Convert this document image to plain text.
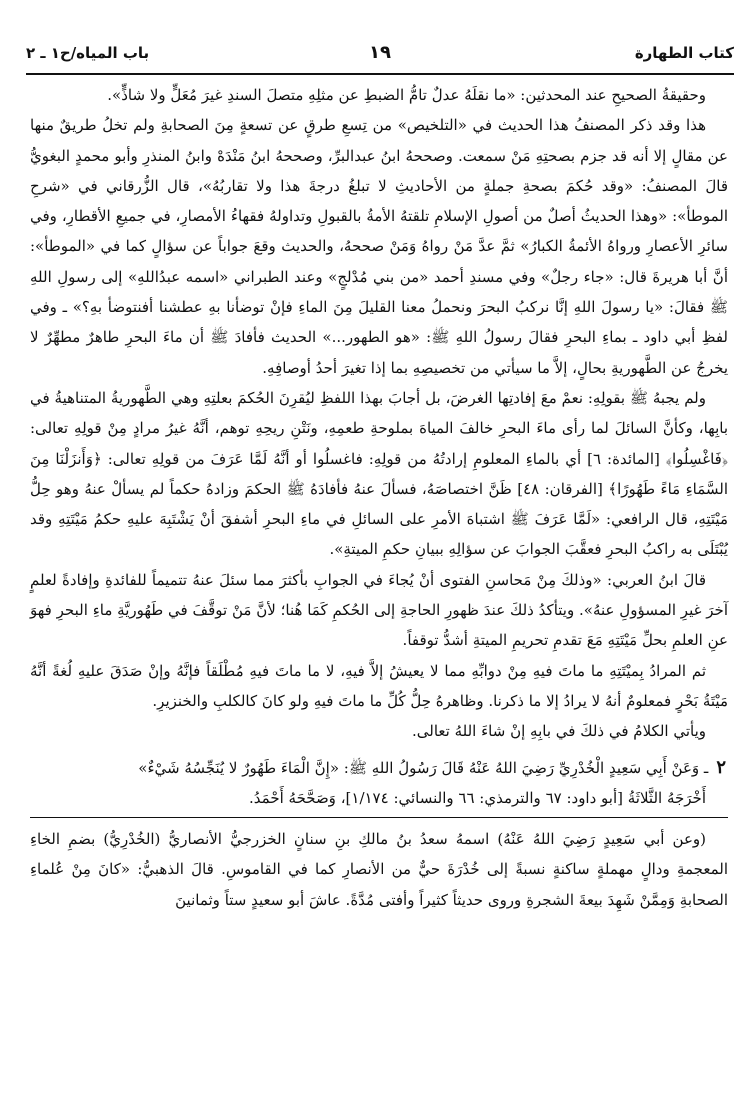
كتاب الطهارة
١٩
باب المياه/ح١ ـ ٢

وحقيقةُ الصحيحِ عند المحدثين: «ما نقلَهُ عدلٌ تامُّ الضبطِ عن مثلِهِ متصلَ السندِ غيرَ مُعَلٍّ ولا شاذٍّ».

هذا وقد ذكر المصنفُ هذا الحديث في «التلخيص» من تِسعِ طرقٍ عن تسعةٍ مِنَ الصحابةِ ولم تخلُ طريقٌ منها عن مقالٍ إلا أنه قد جزم بصحتِهِ مَنْ سمعت. وصححهُ ابنُ عبدالبرِّ، وصححهُ ابنُ مَنْدَهْ وابنُ المنذرِ وأبو محمدٍ البغويُّ قالَ المصنفُ: «وقد حُكمَ بصحةِ جملةٍ من الأحاديثِ لا تبلغُ درجةَ هذا ولا تقاربُهُ»، قال الزُّرقاني في «شرحِ الموطأ»: «وهذا الحديثُ أصلٌ من أصولِ الإسلامِ تلقتهُ الأمةُ بالقبولِ وتداولهُ فقهاءُ الأمصارِ، في جميعِ الأقطارِ، وفي سائرِ الأعصارِ ورواهُ الأئمةُ الكبارُ» ثمَّ عدَّ مَنْ رواهُ وَمَنْ صححهُ، والحديث وقعَ جواباً عن سؤالٍ كما في «الموطأ»: أنَّ أبا هريرةَ قال: «جاء رجلٌ» وفي مسندِ أحمد «من بني مُدْلجٍ» وعند الطبراني «اسمه عبدُاللهِ» إلى رسولِ اللهِ ﷺ فقالَ: «يا رسولَ اللهِ إنَّا نركبُ البحرَ ونحملُ معنا القليلَ مِنَ الماءِ فإنْ توضأنا بهِ عطشنا أفنتوضأ بهِ؟» ـ وفي لفظِ أبي داود ـ بماءِ البحرِ فقالَ رسولُ اللهِ ﷺ: «هو الطهور...» الحديث فأفادَ ﷺ أن ماءَ البحرِ طاهرٌ مطهِّرٌ لا يخرجُ عن الطَّهوريةِ بحالٍ، إلاَّ ما سيأتي من تخصيصِهِ بما إذا تغيرَ أحدُ أوصافِهِ.

ولم يجبهُ ﷺ بقولِهِ: نعمْ معَ إفادتِها الغرضَ، بل أجابَ بهذا اللفظِ ليُقرِنَ الحُكمَ بعلتِهِ وهي الطَّهوريةُ المتناهيةُ في بابِها، وكأنَّ السائلَ لما رأى ماءَ البحرِ خالفَ المياهَ بملوحةِ طعمِهِ، ونَتْنِ ريحِهِ توهم، أنَّهُ غيرُ مرادٍ مِنْ قولِهِ تعالى: ﴿فَاغْسِلُوا﴾ [المائدة: ٦] أي بالماءِ المعلومِ إرادتُهُ من قولِهِ: فاغسلُوا أو أنَّهُ لَمَّا عَرَفَ من قولِهِ تعالى: ﴿وَأَنزَلْنَا مِنَ السَّمَاءِ مَاءً طَهُورًا﴾ [الفرقان: ٤٨] ظَنَّ اختصاصَهُ، فسألَ عنهُ فأفادَهُ ﷺ الحكمَ وزادهُ حكماً لم يسألْ عنهُ وهو حِلُّ مَيْتَتِهِ، قال الرافعي: «لَمَّا عَرَفَ ﷺ اشتباهَ الأمرِ على السائلِ في ماءِ البحرِ أشفقَ أنْ يَشْتَبِهَ عليهِ حكمُ مَيْتَتِهِ وقد يُبْتَلَى به راكبُ البحرِ فعقَّبَ الجوابَ عن سؤالِهِ ببيانِ حكمِ الميتةِ».

قالَ ابنُ العربي: «وذلكَ مِنْ مَحاسنِ الفتوى أنْ يُجاءَ في الجوابِ بأكثرَ مما سئلَ عنهُ تتميماً للفائدةِ وإفادةً لعلمٍ آخرَ غيرِ المسؤولِ عنهُ». ويتأكدُ ذلكَ عندَ ظهورِ الحاجةِ إلى الحُكمِ كَمَا هُنا؛ لأنَّ مَنْ توقَّفَ في طَهُوريَّةِ ماءِ البحرِ فهوَ عنِ العلمِ بحلِّ مَيْتَتِهِ مَعَ تقدمِ تحريمِ الميتةِ أشدُّ توقفاً.

ثم المرادُ بِميْتَتِهِ ما ماتَ فيهِ مِنْ دوابِّهِ مما لا يعيشُ إلاَّ فيهِ، لا ما ماتَ فيهِ مُطْلَقاً فإنَّهُ وإنْ صَدَقَ عليهِ لُغةً أنَّهُ مَيْتَةُ بَحْرٍ فمعلومٌ أنهُ لا يرادُ إلا ما ذكرنا. وظاهرهُ حِلُّ كُلِّ ما ماتَ فيهِ ولو كانَ كالكلبِ والخنزيرِ.

ويأتي الكلامُ في ذلكَ في بابِهِ إنْ شاءَ اللهُ تعالى.

٢ـ وَعَنْ أَبِي سَعِيدٍ الْخُدْرِيِّ رَضِيَ اللهُ عَنْهُ قَالَ رَسُولُ اللهِ ﷺ: «إِنَّ الْمَاءَ طَهُورٌ لا يُنَجِّسُهُ شَيْءٌ»

أَخْرَجَهُ الثَّلاثَةُ [أبو داود: ٦٧ والترمذي: ٦٦ والنسائي: ١/١٧٤]، وَصَحَّحَهُ أَحْمَدُ.

(وعن أبي سَعِيدٍ رَضِيَ اللهُ عَنْهُ) اسمهُ سعدُ بنُ مالكِ بنِ سنانٍ الخزرجيُّ الأنصاريُّ (الخُدْرِيُّ) بضمِ الخاءِ المعجمةِ ودالٍ مهملةٍ ساكنةٍ نسبةً إلى خُدْرَةَ حيٌّ من الأنصارِ كما في القاموسِ. قالَ الذهبيُّ: «كانَ مِنْ عُلماءِ الصحابةِ وَمِمَّنْ شَهِدَ بيعةَ الشجرةِ وروى حديثاً كثيراً وأفتى مُدَّةً. عاشَ أبو سعيدٍ ستاً وثمانينَ
